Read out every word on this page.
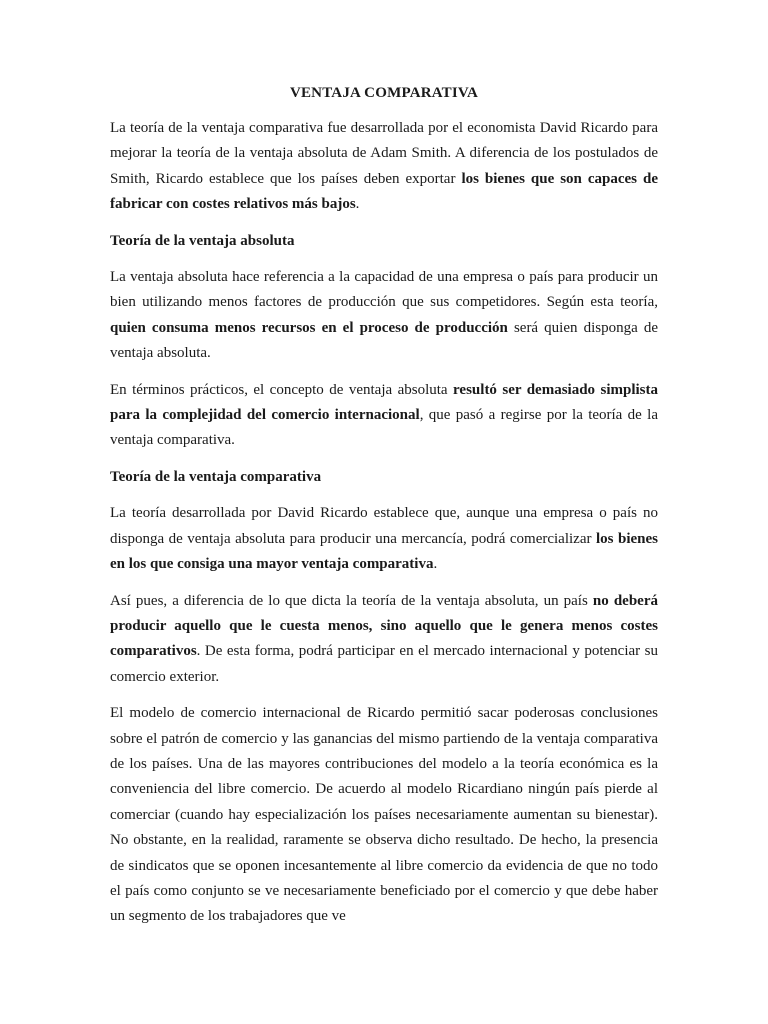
VENTAJA COMPARATIVA

La teoría de la ventaja comparativa fue desarrollada por el economista David Ricardo para mejorar la teoría de la ventaja absoluta de Adam Smith. A diferencia de los postulados de Smith, Ricardo establece que los países deben exportar los bienes que son capaces de fabricar con costes relativos más bajos.

Teoría de la ventaja absoluta

La ventaja absoluta hace referencia a la capacidad de una empresa o país para producir un bien utilizando menos factores de producción que sus competidores. Según esta teoría, quien consuma menos recursos en el proceso de producción será quien disponga de ventaja absoluta.

En términos prácticos, el concepto de ventaja absoluta resultó ser demasiado simplista para la complejidad del comercio internacional, que pasó a regirse por la teoría de la ventaja comparativa.

Teoría de la ventaja comparativa

La teoría desarrollada por David Ricardo establece que, aunque una empresa o país no disponga de ventaja absoluta para producir una mercancía, podrá comercializar los bienes en los que consiga una mayor ventaja comparativa.

Así pues, a diferencia de lo que dicta la teoría de la ventaja absoluta, un país no deberá producir aquello que le cuesta menos, sino aquello que le genera menos costes comparativos. De esta forma, podrá participar en el mercado internacional y potenciar su comercio exterior.

El modelo de comercio internacional de Ricardo permitió sacar poderosas conclusiones sobre el patrón de comercio y las ganancias del mismo partiendo de la ventaja comparativa de los países. Una de las mayores contribuciones del modelo a la teoría económica es la conveniencia del libre comercio. De acuerdo al modelo Ricardiano ningún país pierde al comerciar (cuando hay especialización los países necesariamente aumentan su bienestar). No obstante, en la realidad, raramente se observa dicho resultado. De hecho, la presencia de sindicatos que se oponen incesantemente al libre comercio da evidencia de que no todo el país como conjunto se ve necesariamente beneficiado por el comercio y que debe haber un segmento de los trabajadores que ve
